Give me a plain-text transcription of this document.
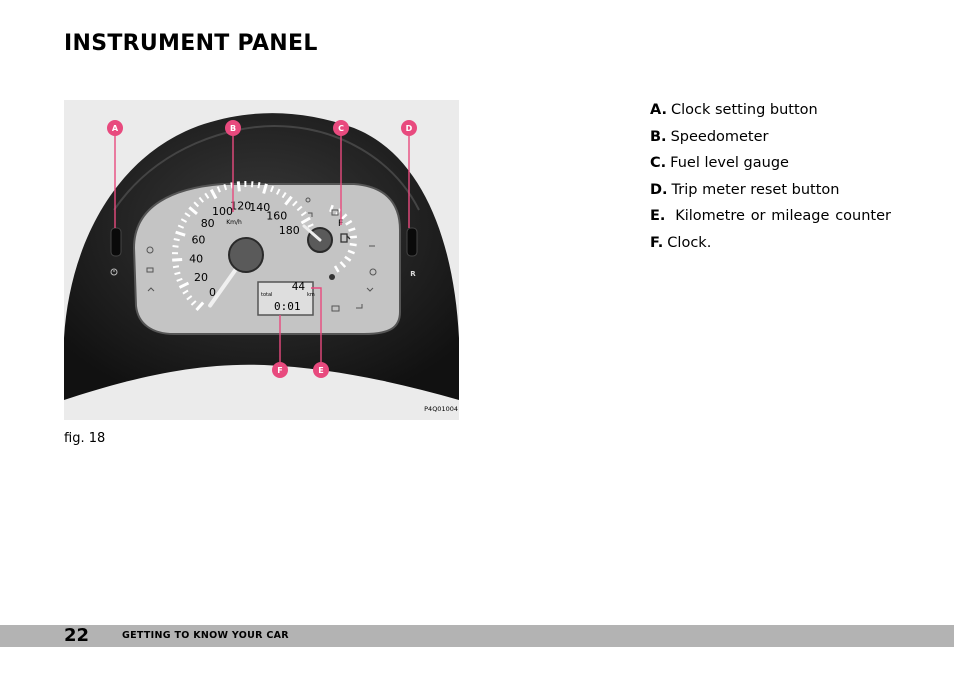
INSTRUMENT PANEL
0
20
40
60
80
100
120
140
160
180
Km/h	F
total
44
km
0:01
R
A	B	C	D
E
F
P4Q01004
fig. 18
A. Clock setting button
B. Speedometer
C. Fuel level gauge
D. Trip meter reset button
E. Kilometre or mileage counter
F. Clock.
22	GETTING TO KNOW YOUR CAR
